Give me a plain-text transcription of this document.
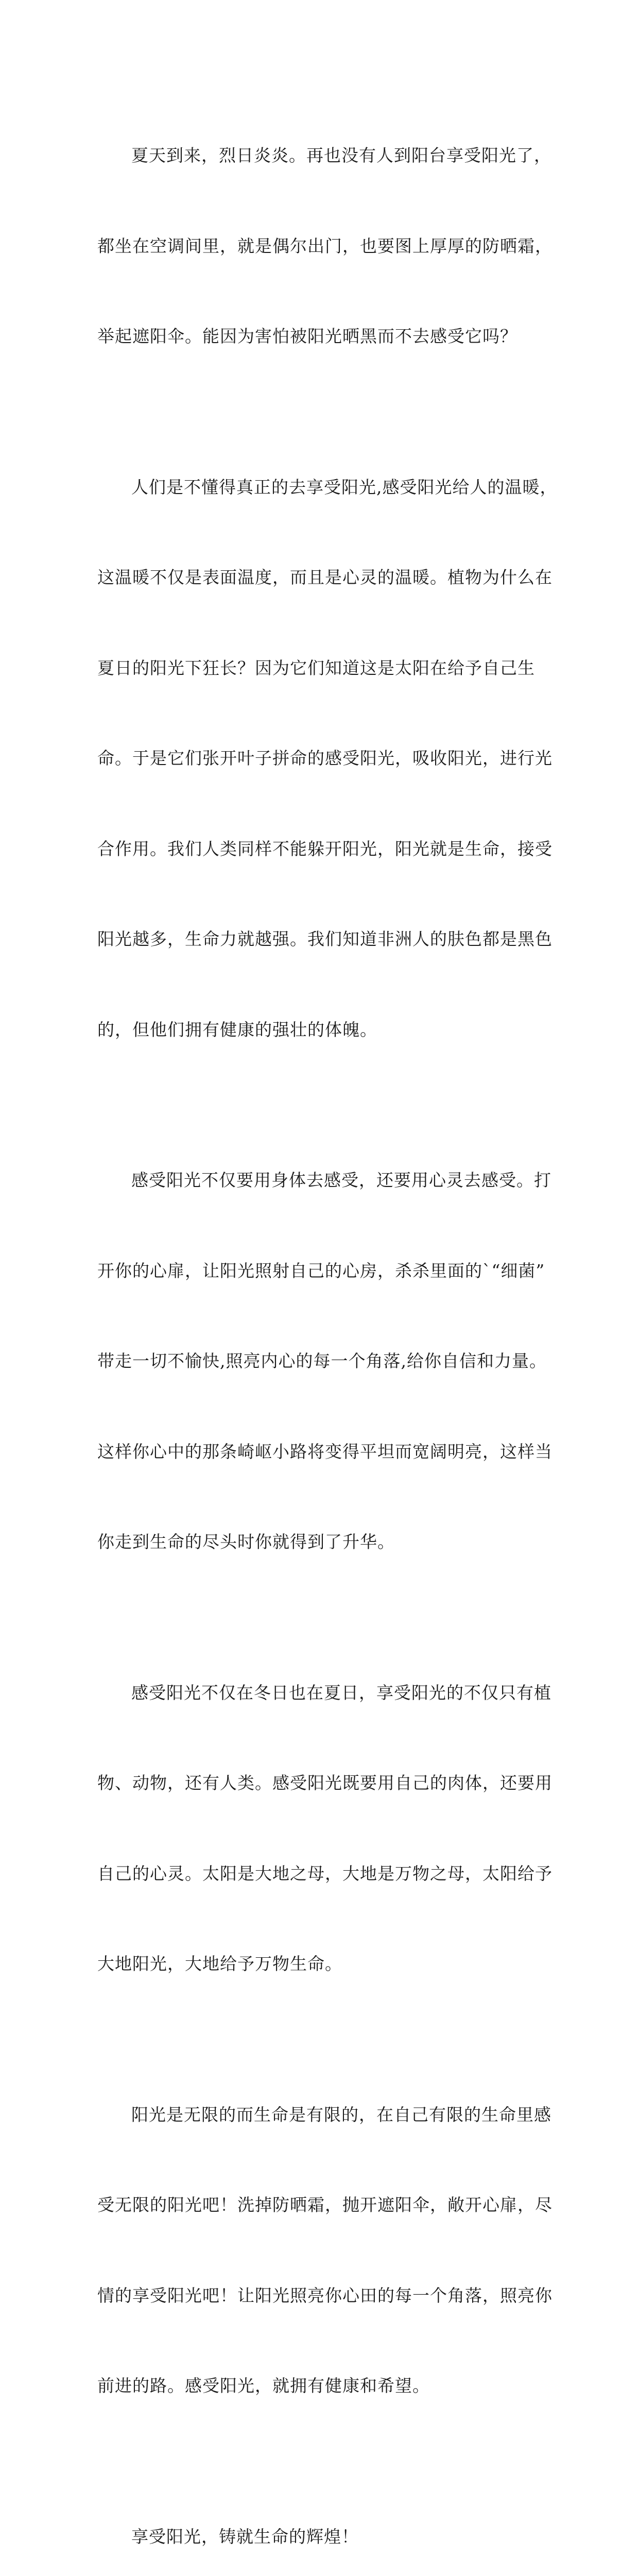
夏天到来，烈日炎炎。再也没有人到阳台享受阳光了，

都坐在空调间里，就是偶尔出门，也要图上厚厚的防晒霜，

举起遮阳伞。能因为害怕被阳光晒黑而不去感受它吗？

人们是不懂得真正的去享受阳光,感受阳光给人的温暖，

这温暖不仅是表面温度，而且是心灵的温暖。植物为什么在

夏日的阳光下狂长？因为它们知道这是太阳在给予自己生

命。于是它们张开叶子拼命的感受阳光，吸收阳光，进行光

合作用。我们人类同样不能躲开阳光，阳光就是生命，接受

阳光越多，生命力就越强。我们知道非洲人的肤色都是黑色

的，但他们拥有健康的强壮的体魄。

感受阳光不仅要用身体去感受，还要用心灵去感受。打

开你的心扉，让阳光照射自己的心房，杀杀里面的`“细菌”

带走一切不愉快,照亮内心的每一个角落,给你自信和力量。

这样你心中的那条崎岖小路将变得平坦而宽阔明亮，这样当

你走到生命的尽头时你就得到了升华。

感受阳光不仅在冬日也在夏日，享受阳光的不仅只有植

物、动物，还有人类。感受阳光既要用自己的肉体，还要用

自己的心灵。太阳是大地之母，大地是万物之母，太阳给予

大地阳光，大地给予万物生命。

阳光是无限的而生命是有限的，在自己有限的生命里感

受无限的阳光吧！洗掉防晒霜，抛开遮阳伞，敞开心扉，尽

情的享受阳光吧！让阳光照亮你心田的每一个角落，照亮你

前进的路。感受阳光，就拥有健康和希望。

享受阳光，铸就生命的辉煌！
